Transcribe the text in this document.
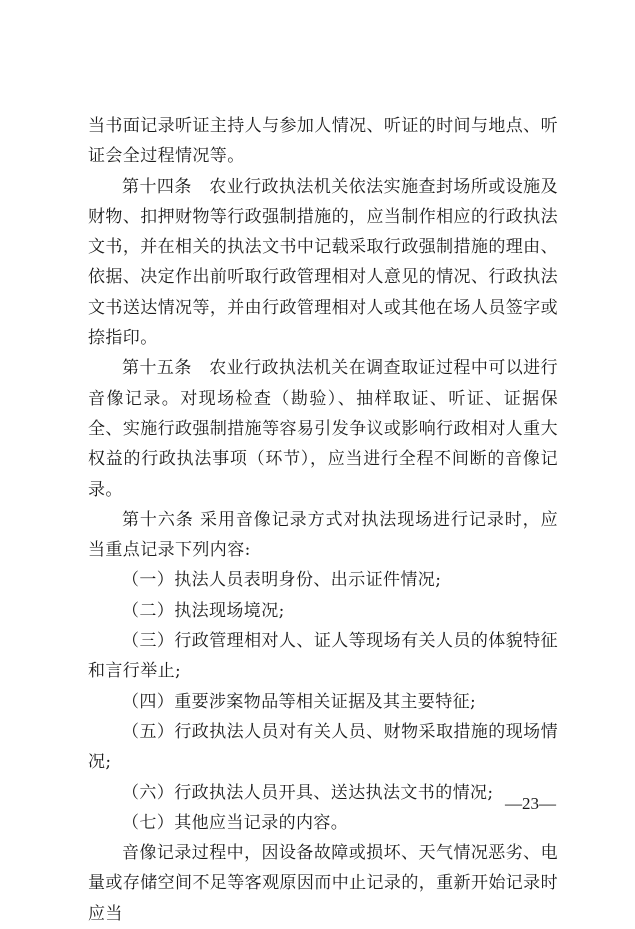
当书面记录听证主持人与参加人情况、听证的时间与地点、听证会全过程情况等。

第十四条　农业行政执法机关依法实施查封场所或设施及财物、扣押财物等行政强制措施的，应当制作相应的行政执法文书，并在相关的执法文书中记载采取行政强制措施的理由、依据、决定作出前听取行政管理相对人意见的情况、行政执法文书送达情况等，并由行政管理相对人或其他在场人员签字或捺指印。

第十五条　农业行政执法机关在调查取证过程中可以进行音像记录。对现场检查（勘验）、抽样取证、听证、证据保全、实施行政强制措施等容易引发争议或影响行政相对人重大权益的行政执法事项（环节），应当进行全程不间断的音像记录。

第十六条 采用音像记录方式对执法现场进行记录时，应当重点记录下列内容:

（一）执法人员表明身份、出示证件情况;

（二）执法现场境况;

（三）行政管理相对人、证人等现场有关人员的体貌特征和言行举止;

（四）重要涉案物品等相关证据及其主要特征;

（五）行政执法人员对有关人员、财物采取措施的现场情况;

（六）行政执法人员开具、送达执法文书的情况;

（七）其他应当记录的内容。

音像记录过程中，因设备故障或损坏、天气情况恶劣、电量或存储空间不足等客观原因而中止记录的，重新开始记录时应当

—23—
